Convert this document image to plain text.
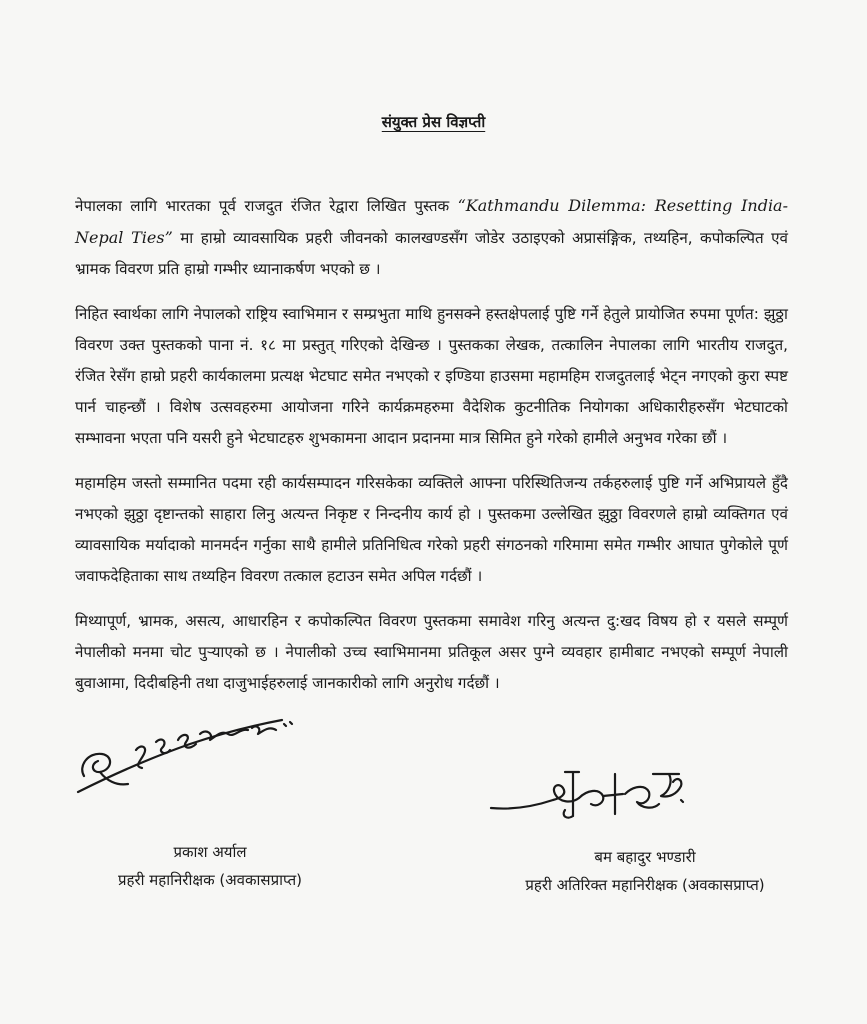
संयुक्त प्रेस विज्ञप्ती

नेपालका लागि भारतका पूर्व राजदुत रंजित रेद्वारा लिखित पुस्तक “Kathmandu Dilemma: Resetting India-Nepal Ties” मा हाम्रो व्यावसायिक प्रहरी जीवनको कालखण्डसँग जोडेर उठाइएको अप्रासंङ्गिक, तथ्यहिन, कपोकल्पित एवं भ्रामक विवरण प्रति हाम्रो गम्भीर ध्यानाकर्षण भएको छ ।

निहित स्वार्थका लागि नेपालको राष्ट्रिय स्वाभिमान र सम्प्रभुता माथि हुनसक्ने हस्तक्षेपलाई पुष्टि गर्ने हेतुले प्रायोजित रुपमा पूर्णत: झुठ्ठा विवरण उक्त पुस्तकको पाना नं. १८ मा प्रस्तुत् गरिएको देखिन्छ । पुस्तकका लेखक, तत्कालिन नेपालका लागि भारतीय राजदुत, रंजित रेसँग हाम्रो प्रहरी कार्यकालमा प्रत्यक्ष भेटघाट समेत नभएको र इण्डिया हाउसमा महामहिम राजदुतलाई भेट्न नगएको कुरा स्पष्ट पार्न चाहन्छौं । विशेष उत्सवहरुमा आयोजना गरिने कार्यक्रमहरुमा वैदेशिक कुटनीतिक नियोगका अधिकारीहरुसँग भेटघाटको सम्भावना भएता पनि यसरी हुने भेटघाटहरु शुभकामना आदान प्रदानमा मात्र सिमित हुने गरेको हामीले अनुभव गरेका छौं ।

महामहिम जस्तो सम्मानित पदमा रही कार्यसम्पादन गरिसकेका व्यक्तिले आफ्ना परिस्थितिजन्य तर्कहरुलाई पुष्टि गर्ने अभिप्रायले हुँदै नभएको झुठ्ठा दृष्टान्तको साहारा लिनु अत्यन्त निकृष्ट र निन्दनीय कार्य हो । पुस्तकमा उल्लेखित झुठ्ठा विवरणले हाम्रो व्यक्तिगत एवं व्यावसायिक मर्यादाको मानमर्दन गर्नुका साथै हामीले प्रतिनिधित्व गरेको प्रहरी संगठनको गरिमामा समेत गम्भीर आघात पुगेकोले पूर्ण जवाफदेहिताका साथ तथ्यहिन विवरण तत्काल हटाउन समेत अपिल गर्दछौं ।

मिथ्यापूर्ण, भ्रामक, असत्य, आधारहिन र कपोकल्पित विवरण पुस्तकमा समावेश गरिनु अत्यन्त दु:खद विषय हो र यसले सम्पूर्ण नेपालीको मनमा चोट पुऱ्याएको छ । नेपालीको उच्च स्वाभिमानमा प्रतिकूल असर पुग्ने व्यवहार हामीबाट नभएको सम्पूर्ण नेपाली बुवाआमा, दिदीबहिनी तथा दाजुभाईहरुलाई जानकारीको लागि अनुरोध गर्दछौं ।

प्रकाश अर्याल
प्रहरी महानिरीक्षक (अवकासप्राप्त)
बम बहादुर भण्डारी
प्रहरी अतिरिक्त महानिरीक्षक (अवकासप्राप्त)
